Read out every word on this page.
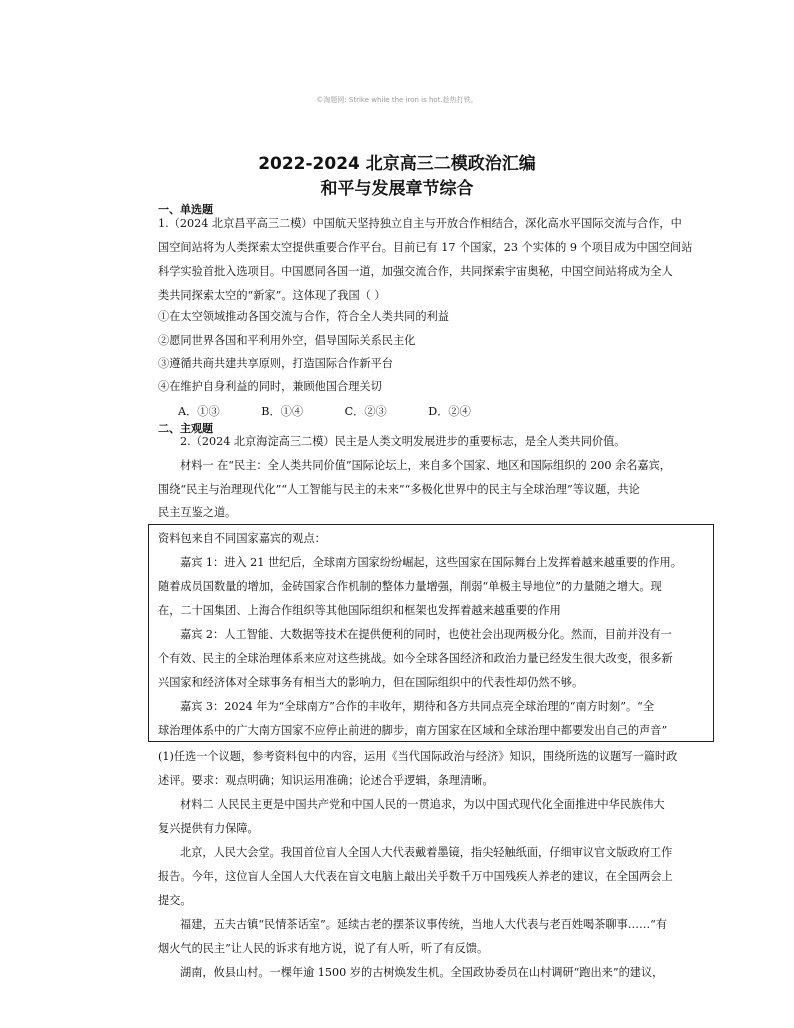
©淘题网: Strike while the iron is hot.趁热打铁。
2022-2024 北京高三二模政治汇编
和平与发展章节综合
一、单选题
1.（2024 北京昌平高三二模）中国航天坚持独立自主与开放合作相结合，深化高水平国际交流与合作，中
国空间站将为人类探索太空提供重要合作平台。目前已有 17 个国家，23 个实体的 9 个项目成为中国空间站
科学实验首批入选项目。中国愿同各国一道，加强交流合作，共同探索宇宙奥秘，中国空间站将成为全人
类共同探索太空的“新家”。这体现了我国（ ）
①在太空领域推动各国交流与合作，符合全人类共同的利益
②愿同世界各国和平利用外空，倡导国际关系民主化
③遵循共商共建共享原则，打造国际合作新平台
④在维护自身利益的同时，兼顾他国合理关切
A．①③	B．①④	C．②③	D．②④
二、主观题
2.（2024 北京海淀高三二模）民主是人类文明发展进步的重要标志，是全人类共同价值。
材料一 在“民主：全人类共同价值”国际论坛上，来自多个国家、地区和国际组织的 200 余名嘉宾，
围绕“民主与治理现代化”“人工智能与民主的未来”“多极化世界中的民主与全球治理”等议题，共论
民主互鉴之道。
资料包来自不同国家嘉宾的观点：
嘉宾 1：进入 21 世纪后，全球南方国家纷纷崛起，这些国家在国际舞台上发挥着越来越重要的作用。
随着成员国数量的增加，金砖国家合作机制的整体力量增强，削弱“单极主导地位”的力量随之增大。现
在，二十国集团、上海合作组织等其他国际组织和框架也发挥着越来越重要的作用
嘉宾 2：人工智能、大数据等技术在提供便利的同时，也使社会出现两极分化。然而，目前并没有一
个有效、民主的全球治理体系来应对这些挑战。如今全球各国经济和政治力量已经发生很大改变，很多新
兴国家和经济体对全球事务有相当大的影响力，但在国际组织中的代表性却仍然不够。
嘉宾 3：2024 年为“全球南方”合作的丰收年，期待和各方共同点亮全球治理的“南方时刻”。“全
球治理体系中的广大南方国家不应停止前进的脚步，南方国家在区域和全球治理中都要发出自己的声音”
(1)任选一个议题，参考资料包中的内容，运用《当代国际政治与经济》知识，围绕所选的议题写一篇时政
述评。要求：观点明确；知识运用准确；论述合乎逻辑，条理清晰。
材料二 人民民主更是中国共产党和中国人民的一贯追求，为以中国式现代化全面推进中华民族伟大
复兴提供有力保障。
北京，人民大会堂。我国首位盲人全国人大代表戴着墨镜，指尖轻触纸面，仔细审议官文版政府工作
报告。今年，这位盲人全国人大代表在盲文电脑上敲出关乎数千万中国残疾人养老的建议，在全国两会上
提交。
福建，五夫古镇“民情茶话室”。延续古老的摆茶议事传统，当地人大代表与老百姓喝茶聊事……“有
烟火气的民主”让人民的诉求有地方说，说了有人听，听了有反馈。
湖南，攸县山村。一棵年逾 1500 岁的古树焕发生机。全国政协委员在山村调研“跑出来”的建议，
